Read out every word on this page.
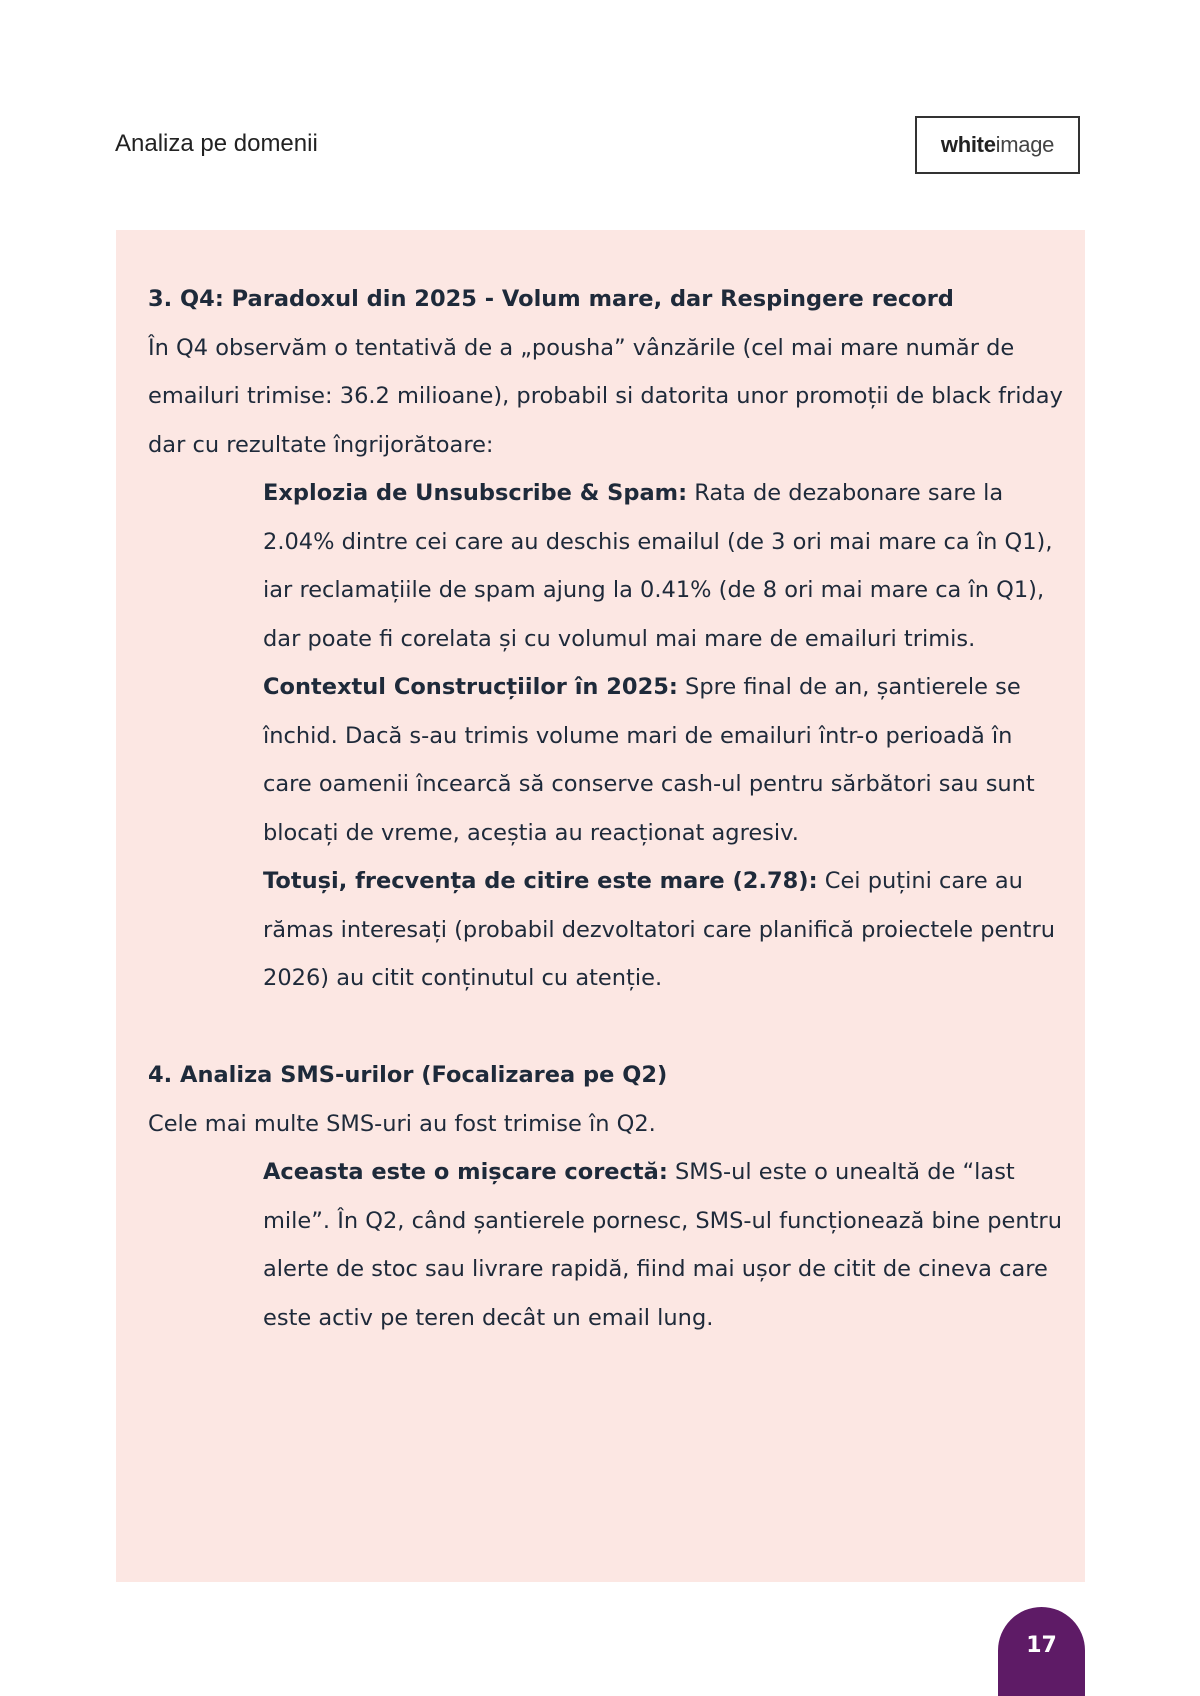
Analiza pe domenii	white image

3. Q4: Paradoxul din 2025 - Volum mare, dar Respingere record

În Q4 observăm o tentativă de a „pousha” vânzările (cel mai mare număr de emailuri trimise: 36.2 milioane), probabil si datorita unor promoții de black friday dar cu rezultate îngrijorătoare:

Explozia de Unsubscribe & Spam: Rata de dezabonare sare la 2.04% dintre cei care au deschis emailul (de 3 ori mai mare ca în Q1), iar reclamațiile de spam ajung la 0.41% (de 8 ori mai mare ca în Q1), dar poate fi corelata și cu volumul mai mare de emailuri trimis.

Contextul Construcțiilor în 2025: Spre final de an, șantierele se închid. Dacă s-au trimis volume mari de emailuri într-o perioadă în care oamenii încearcă să conserve cash-ul pentru sărbători sau sunt blocați de vreme, aceștia au reacționat agresiv.

Totuși, frecvența de citire este mare (2.78): Cei puțini care au rămas interesați (probabil dezvoltatori care planifică proiectele pentru 2026) au citit conținutul cu atenție.

4. Analiza SMS-urilor (Focalizarea pe Q2)

Cele mai multe SMS-uri au fost trimise în Q2.

Aceasta este o mișcare corectă: SMS-ul este o unealtă de “last mile”. În Q2, când șantierele pornesc, SMS-ul funcționează bine pentru alerte de stoc sau livrare rapidă, fiind mai ușor de citit de cineva care este activ pe teren decât un email lung.

17
